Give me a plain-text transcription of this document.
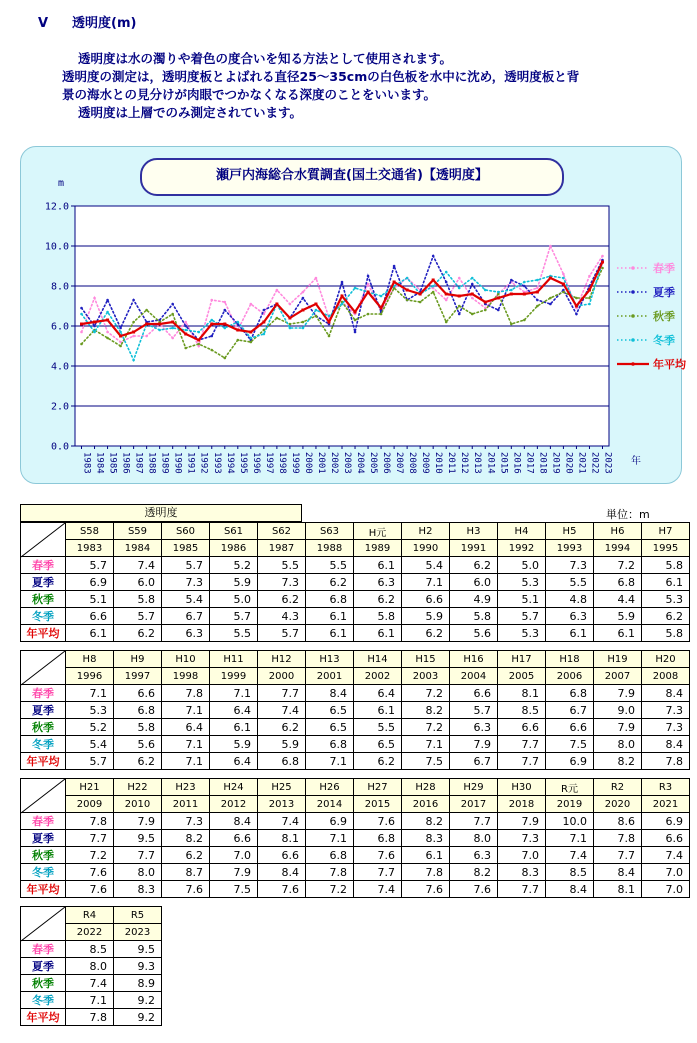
Ⅴ 透明度(m)

透明度は水の濁りや着色の度合いを知る方法として使用されます。

透明度の測定は，透明度板とよばれる直径25～35cmの白色板を水中に沈め，透明度板と背

景の海水との見分けが肉眼でつかなくなる深度のことをいいます。

透明度は上層でのみ測定されています。

瀬戸内海総合水質調査(国土交通省)【透明度】
0.0
2.0
4.0
6.0
8.0
10.0
12.0
m
1983 1984 1985 1986 1987 1988 1989 1990 1991 1992 1993 1994 1995 1996 1997 1998 1999 2000 2001 2002 2003 2004 2005 2006 2007 2008 2009 2010 2011 2012 2013 2014 2015 2016 2017 2018 2019 2020 2021 2022 2023 年
春季
夏季
秋季
冬季
年平均
透明度	単位：m
	S58	S59	S60	S61	S62	S63	H元	H2	H3	H4	H5	H6	H7
	1983	1984	1985	1986	1987	1988	1989	1990	1991	1992	1993	1994	1995
春季	5.7	7.4	5.7	5.2	5.5	5.5	6.1	5.4	6.2	5.0	7.3	7.2	5.8
夏季	6.9	6.0	7.3	5.9	7.3	6.2	6.3	7.1	6.0	5.3	5.5	6.8	6.1
秋季	5.1	5.8	5.4	5.0	6.2	6.8	6.2	6.6	4.9	5.1	4.8	4.4	5.3
冬季	6.6	5.7	6.7	5.7	4.3	6.1	5.8	5.9	5.8	5.7	6.3	5.9	6.2
年平均	6.1	6.2	6.3	5.5	5.7	6.1	6.1	6.2	5.6	5.3	6.1	6.1	5.8
	H8	H9	H10	H11	H12	H13	H14	H15	H16	H17	H18	H19	H20
	1996	1997	1998	1999	2000	2001	2002	2003	2004	2005	2006	2007	2008
春季	7.1	6.6	7.8	7.1	7.7	8.4	6.4	7.2	6.6	8.1	6.8	7.9	8.4
夏季	5.3	6.8	7.1	6.4	7.4	6.5	6.1	8.2	5.7	8.5	6.7	9.0	7.3
秋季	5.2	5.8	6.4	6.1	6.2	6.5	5.5	7.2	6.3	6.6	6.6	7.9	7.3
冬季	5.4	5.6	7.1	5.9	5.9	6.8	6.5	7.1	7.9	7.7	7.5	8.0	8.4
年平均	5.7	6.2	7.1	6.4	6.8	7.1	6.2	7.5	6.7	7.7	6.9	8.2	7.8
	H21	H22	H23	H24	H25	H26	H27	H28	H29	H30	R元	R2	R3
	2009	2010	2011	2012	2013	2014	2015	2016	2017	2018	2019	2020	2021
春季	7.8	7.9	7.3	8.4	7.4	6.9	7.6	8.2	7.7	7.9	10.0	8.6	6.9
夏季	7.7	9.5	8.2	6.6	8.1	7.1	6.8	8.3	8.0	7.3	7.1	7.8	6.6
秋季	7.2	7.7	6.2	7.0	6.6	6.8	7.6	6.1	6.3	7.0	7.4	7.7	7.4
冬季	7.6	8.0	8.7	7.9	8.4	7.8	7.7	7.8	8.2	8.3	8.5	8.4	7.0
年平均	7.6	8.3	7.6	7.5	7.6	7.2	7.4	7.6	7.6	7.7	8.4	8.1	7.0
	R4	R5
	2022	2023
春季	8.5	9.5
夏季	8.0	9.3
秋季	7.4	8.9
冬季	7.1	9.2
年平均	7.8	9.2
